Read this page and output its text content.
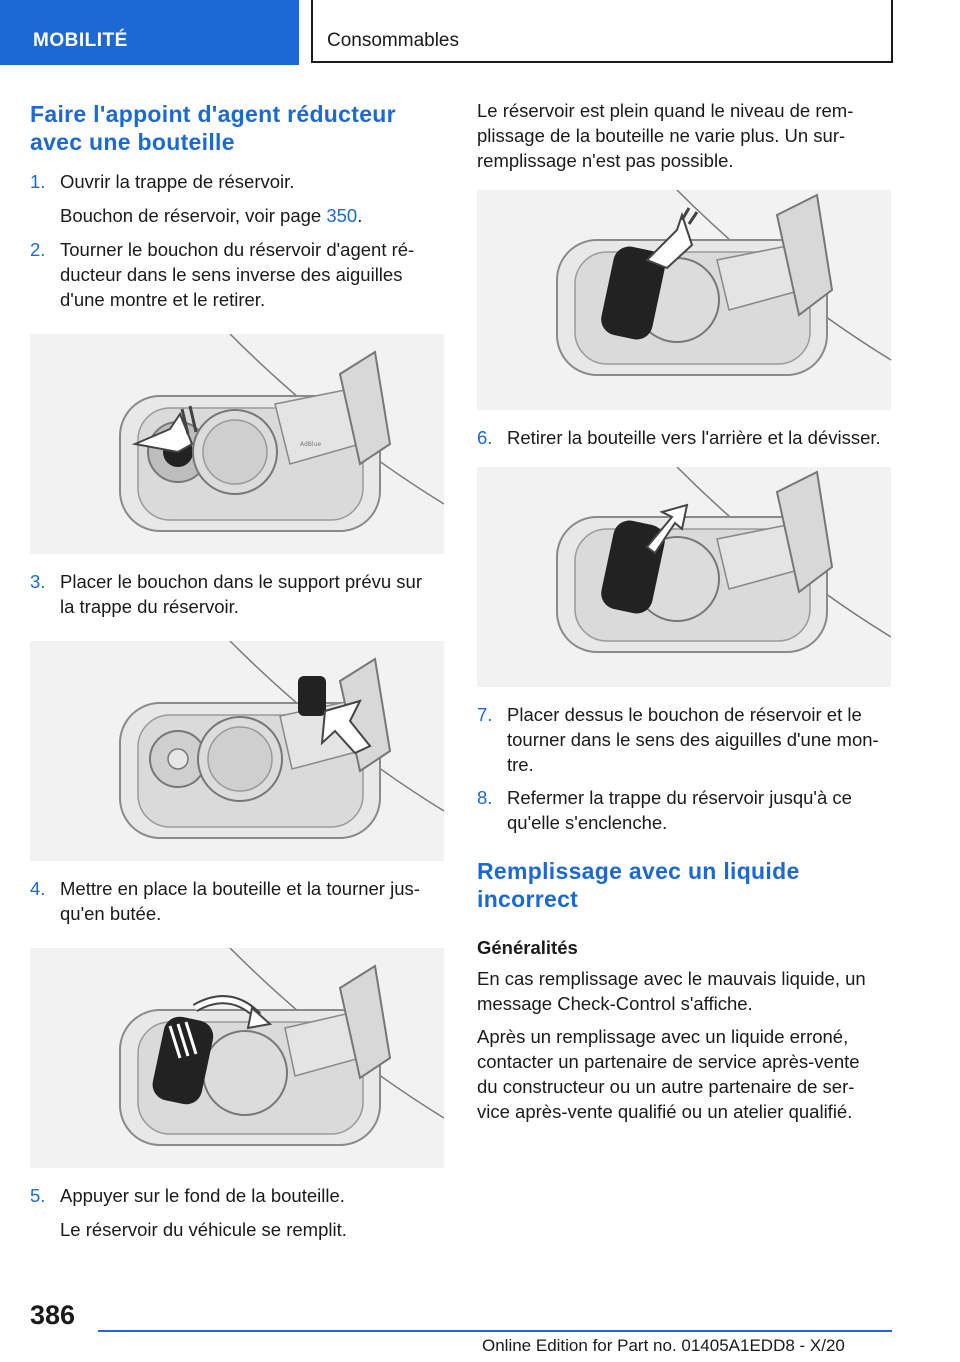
MOBILITÉ	Consommables
Faire l'appoint d'agent réducteur
avec une bouteille
1. Ouvrir la trappe de réservoir.
Bouchon de réservoir, voir page 350.
2. Tourner le bouchon du réservoir d'agent ré‐
ducteur dans le sens inverse des aiguilles
d'une montre et le retirer.
AdBlue
3. Placer le bouchon dans le support prévu sur
la trappe du réservoir.
4. Mettre en place la bouteille et la tourner jus‐
qu'en butée.
5. Appuyer sur le fond de la bouteille.
Le réservoir du véhicule se remplit.
Le réservoir est plein quand le niveau de rem‐
plissage de la bouteille ne varie plus. Un sur‐
remplissage n'est pas possible.
6. Retirer la bouteille vers l'arrière et la dévisser.
7. Placer dessus le bouchon de réservoir et le
tourner dans le sens des aiguilles d'une mon‐
tre.
8. Refermer la trappe du réservoir jusqu'à ce
qu'elle s'enclenche.
Remplissage avec un liquide
incorrect
Généralités
En cas remplissage avec le mauvais liquide, un
message Check-Control s'affiche.
Après un remplissage avec un liquide erroné,
contacter un partenaire de service après-vente
du constructeur ou un autre partenaire de ser‐
vice après-vente qualifié ou un atelier qualifié.
386
Online Edition for Part no. 01405A1EDD8 - X/20
